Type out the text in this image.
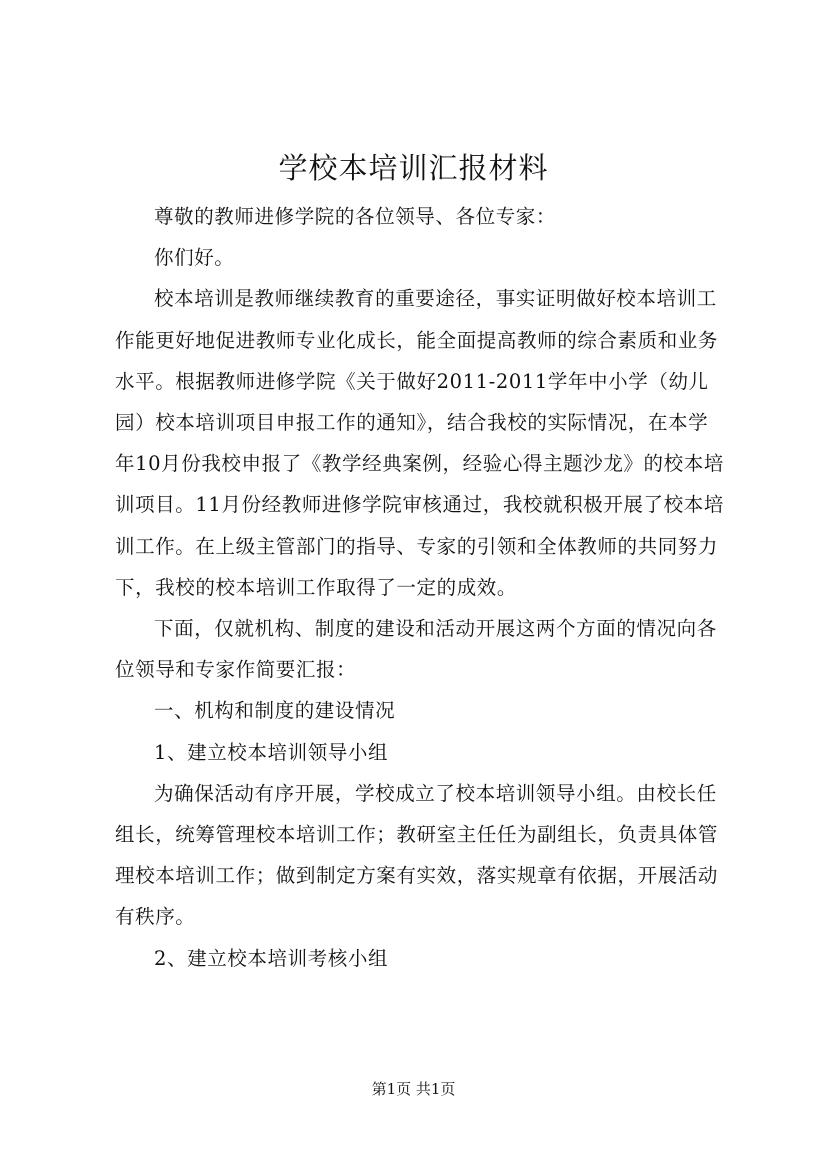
学校本培训汇报材料

尊敬的教师进修学院的各位领导、各位专家：

你们好。

校本培训是教师继续教育的重要途径，事实证明做好校本培训工作能更好地促进教师专业化成长，能全面提高教师的综合素质和业务水平。根据教师进修学院《关于做好2011-2011学年中小学（幼儿园）校本培训项目申报工作的通知》，结合我校的实际情况，在本学年10月份我校申报了《教学经典案例，经验心得主题沙龙》的校本培训项目。11月份经教师进修学院审核通过，我校就积极开展了校本培训工作。在上级主管部门的指导、专家的引领和全体教师的共同努力下，我校的校本培训工作取得了一定的成效。

下面，仅就机构、制度的建设和活动开展这两个方面的情况向各位领导和专家作简要汇报：

一、机构和制度的建设情况

1、建立校本培训领导小组

为确保活动有序开展，学校成立了校本培训领导小组。由校长任组长，统筹管理校本培训工作；教研室主任任为副组长，负责具体管理校本培训工作；做到制定方案有实效，落实规章有依据，开展活动有秩序。

2、建立校本培训考核小组

第1页 共1页
